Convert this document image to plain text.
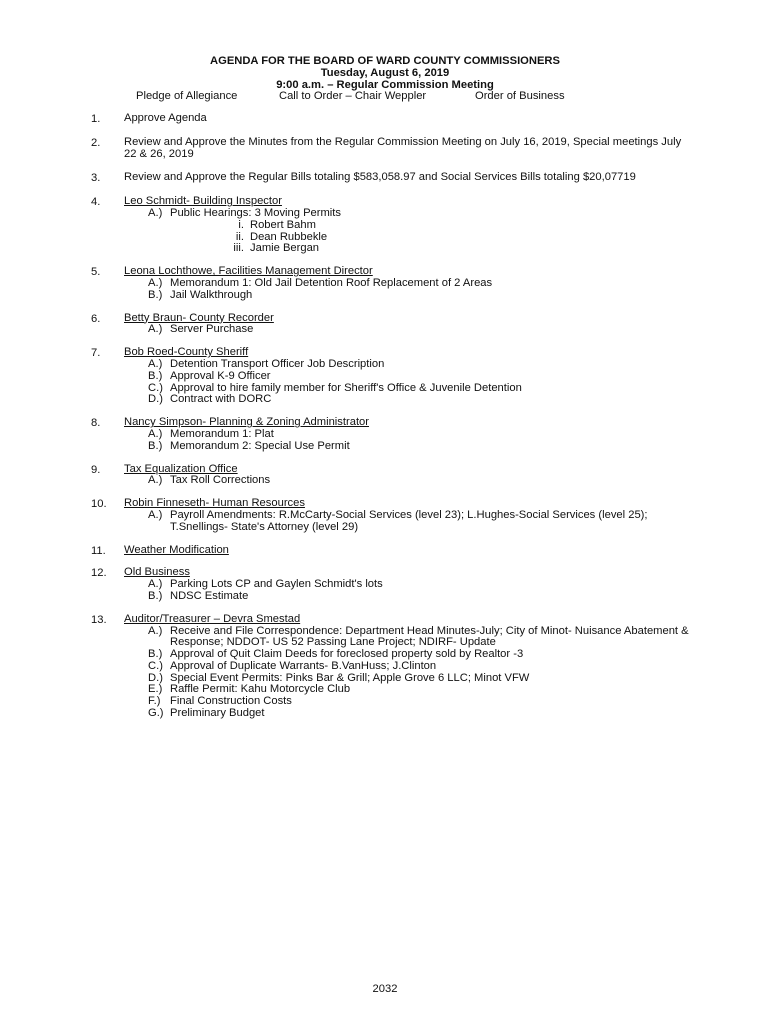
AGENDA FOR THE BOARD OF WARD COUNTY COMMISSIONERS
Tuesday, August 6, 2019
9:00 a.m. – Regular Commission Meeting
Pledge of Allegiance	Call to Order – Chair Weppler	Order of Business
1.	Approve Agenda
2.	Review and Approve the Minutes from the Regular Commission Meeting on July 16, 2019, Special meetings July 22 & 26, 2019
3.	Review and Approve the Regular Bills totaling $583,058.97 and Social Services Bills totaling $20,07719
4.	Leo Schmidt- Building Inspector
A.) Public Hearings: 3 Moving Permits
i. Robert Bahm
ii. Dean Rubbekle
iii. Jamie Bergan
5.	Leona Lochthowe, Facilities Management Director
A.) Memorandum 1: Old Jail Detention Roof Replacement of 2 Areas
B.) Jail Walkthrough
6.	Betty Braun- County Recorder
A.) Server Purchase
7.	Bob Roed-County Sheriff
A.) Detention Transport Officer Job Description
B.) Approval K-9 Officer
C.) Approval to hire family member for Sheriff's Office & Juvenile Detention
D.) Contract with DORC
8.	Nancy Simpson- Planning & Zoning Administrator
A.) Memorandum 1: Plat
B.) Memorandum 2: Special Use Permit
9.	Tax Equalization Office
A.) Tax Roll Corrections
10.	Robin Finneseth- Human Resources
A.) Payroll Amendments: R.McCarty-Social Services (level 23); L.Hughes-Social Services (level 25); T.Snellings- State's Attorney (level 29)
11.	Weather Modification
12.	Old Business
A.) Parking Lots CP and Gaylen Schmidt's lots
B.) NDSC Estimate
13.	Auditor/Treasurer – Devra Smestad
A.) Receive and File Correspondence: Department Head Minutes-July; City of Minot- Nuisance Abatement & Response; NDDOT- US 52 Passing Lane Project; NDIRF- Update
B.) Approval of Quit Claim Deeds for foreclosed property sold by Realtor -3
C.) Approval of Duplicate Warrants- B.VanHuss; J.Clinton
D.) Special Event Permits: Pinks Bar & Grill; Apple Grove 6 LLC; Minot VFW
E.) Raffle Permit: Kahu Motorcycle Club
F.) Final Construction Costs
G.) Preliminary Budget
2032
